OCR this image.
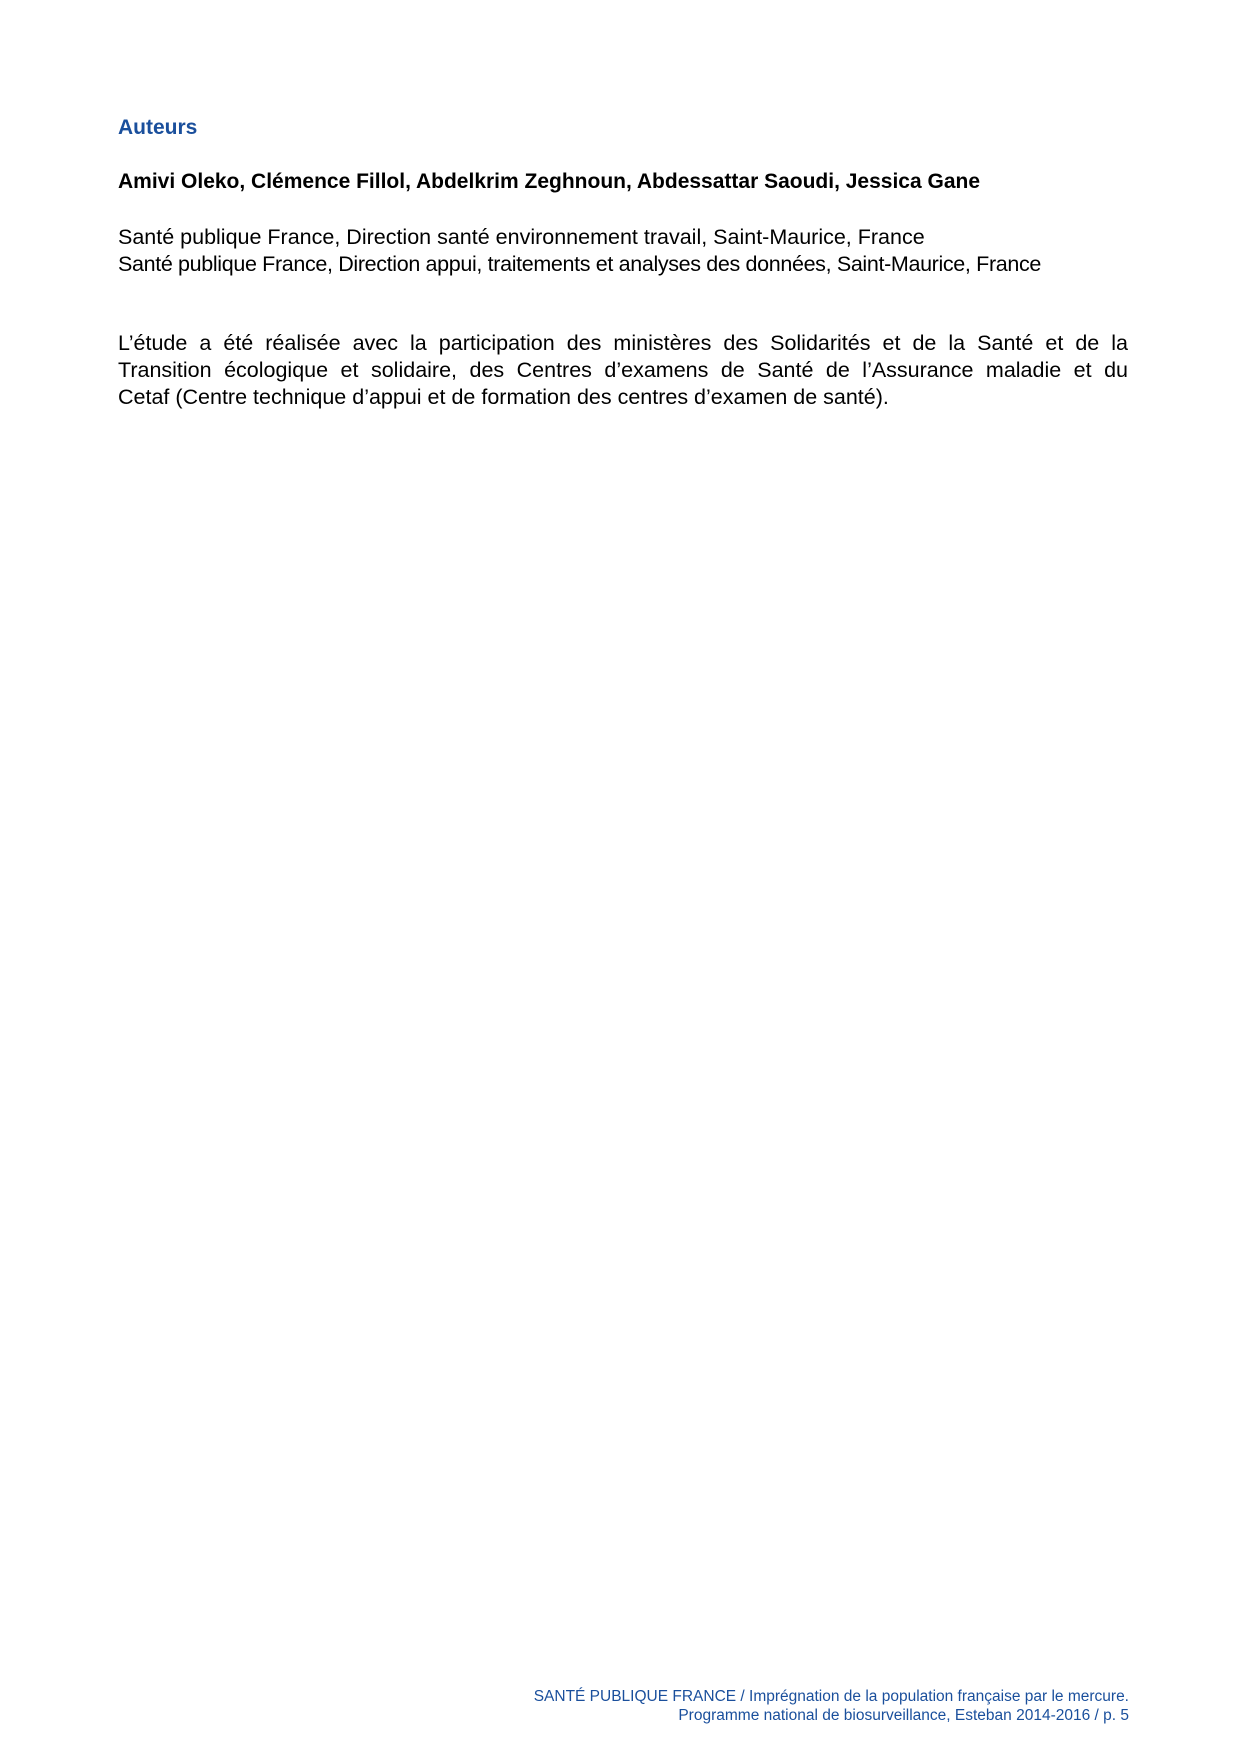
Auteurs
Amivi Oleko, Clémence Fillol, Abdelkrim Zeghnoun, Abdessattar Saoudi, Jessica Gane
Santé publique France, Direction santé environnement travail, Saint-Maurice, France
Santé publique France, Direction appui, traitements et analyses des données, Saint-Maurice, France
L’étude a été réalisée avec la participation des ministères des Solidarités et de la Santé et de la
Transition écologique et solidaire, des Centres d’examens de Santé de l’Assurance maladie et du
Cetaf (Centre technique d’appui et de formation des centres d’examen de santé).
SANTÉ PUBLIQUE FRANCE / Imprégnation de la population française par le mercure.
Programme national de biosurveillance, Esteban 2014-2016 / p. 5
